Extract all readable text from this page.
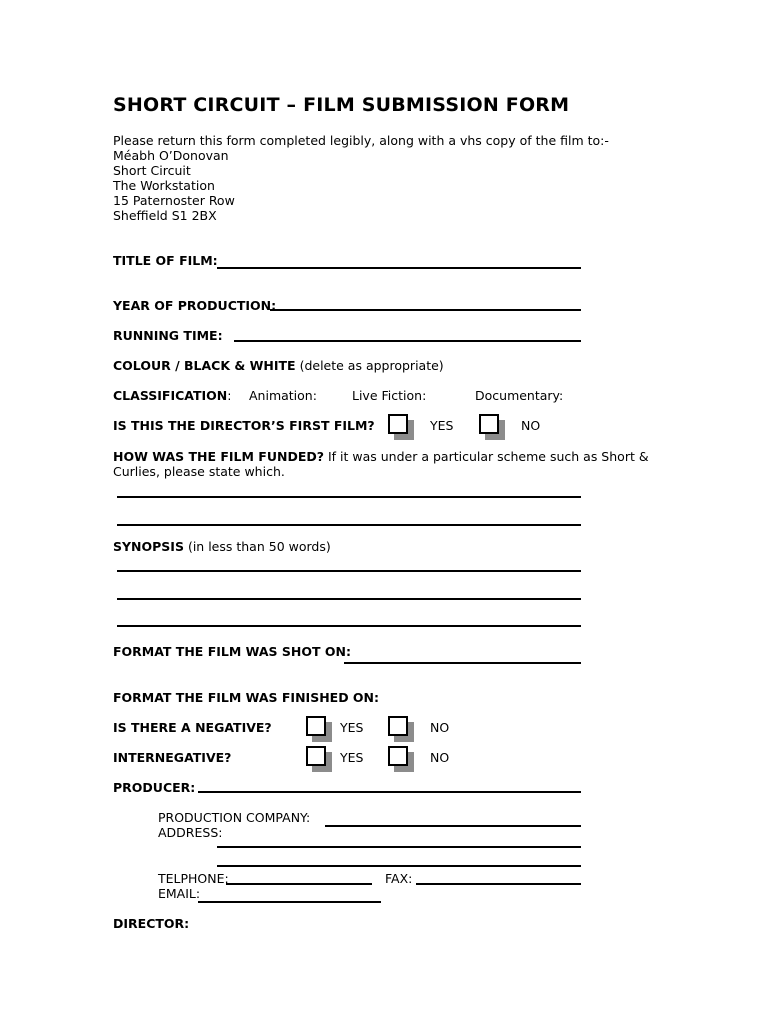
SHORT CIRCUIT – FILM SUBMISSION FORM
Please return this form completed legibly, along with a vhs copy of the film to:-
Méabh O’Donovan
Short Circuit
The Workstation
15 Paternoster Row
Sheffield S1 2BX
TITLE OF FILM:
YEAR OF PRODUCTION:
RUNNING TIME:
COLOUR / BLACK & WHITE (delete as appropriate)
CLASSIFICATION: Animation:	Live Fiction:	Documentary:
IS THIS THE DIRECTOR’S FIRST FILM?	YES	NO
HOW WAS THE FILM FUNDED? If it was under a particular scheme such as Short &
Curlies, please state which.
SYNOPSIS (in less than 50 words)
FORMAT THE FILM WAS SHOT ON:
FORMAT THE FILM WAS FINISHED ON:
IS THERE A NEGATIVE?	YES	NO
INTERNEGATIVE?	YES	NO
PRODUCER:
PRODUCTION COMPANY:
ADDRESS:
TELPHONE:	FAX:
EMAIL:
DIRECTOR:
